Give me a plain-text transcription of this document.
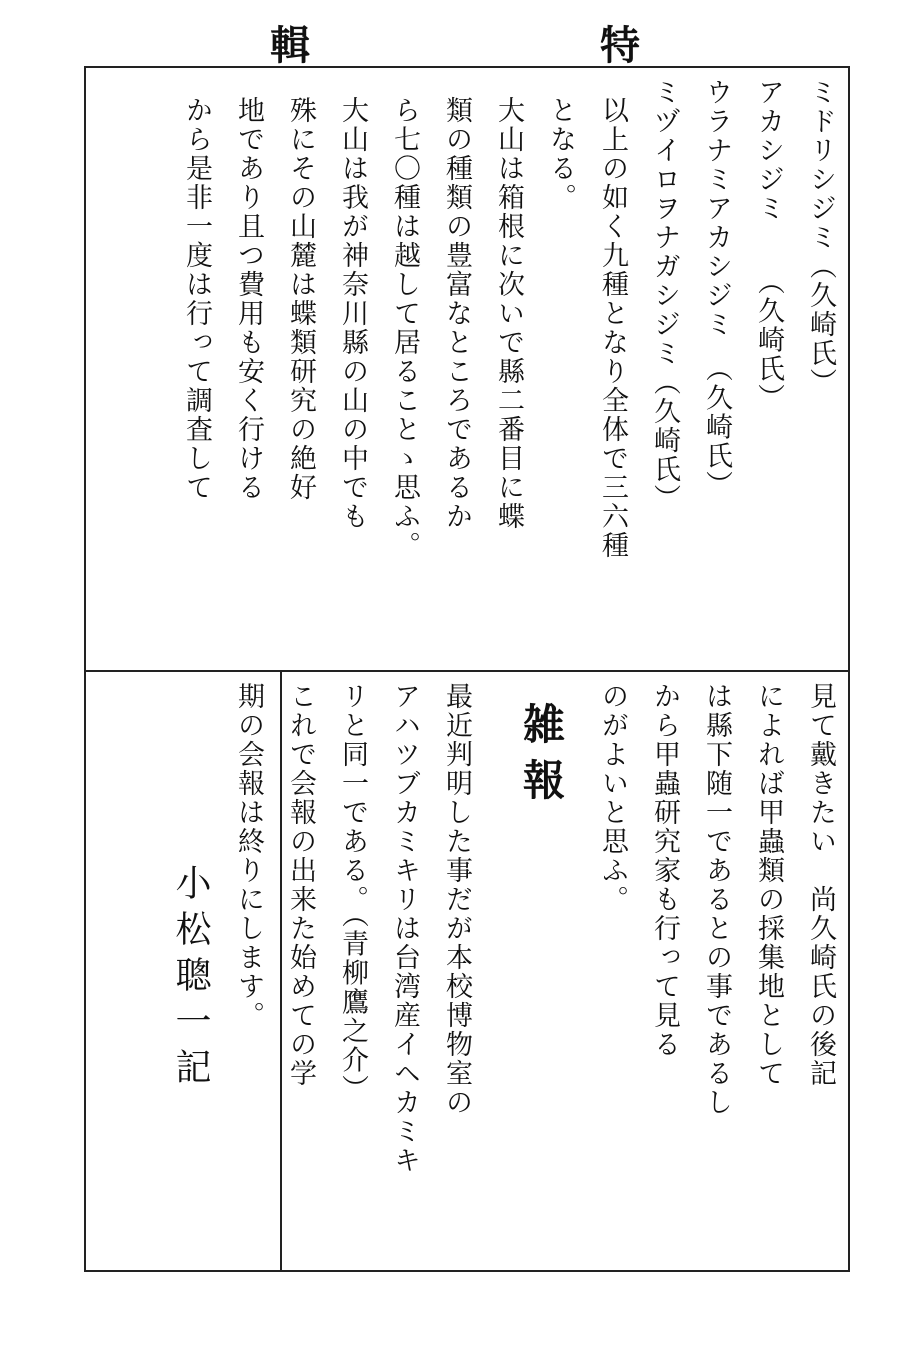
輯	特
ミドリシジミ（久崎氏）
アカシジミ　　（久崎氏）
ウラナミアカシジミ　（久崎氏）
ミヅイロヲナガシジミ（久崎氏）
以上の如く九種となり全体で三六種
となる。
大山は箱根に次いで縣二番目に蝶
類の種類の豊富なところであるか
ら七〇種は越して居ることゝ思ふ。
大山は我が神奈川縣の山の中でも
殊にその山麓は蝶類研究の絶好
地であり且つ費用も安く行ける
から是非一度は行って調査して
見て戴きたい　尚久崎氏の後記
によれば甲蟲類の採集地として
は縣下随一であるとの事であるし
から甲蟲研究家も行って見る
のがよいと思ふ。
雑報
最近判明した事だが本校博物室の
アハツブカミキリは台湾産イヘカミキ
リと同一である。（青柳鷹之介）
これで会報の出来た始めての学
期の会報は終りにします。
小松聰一記
